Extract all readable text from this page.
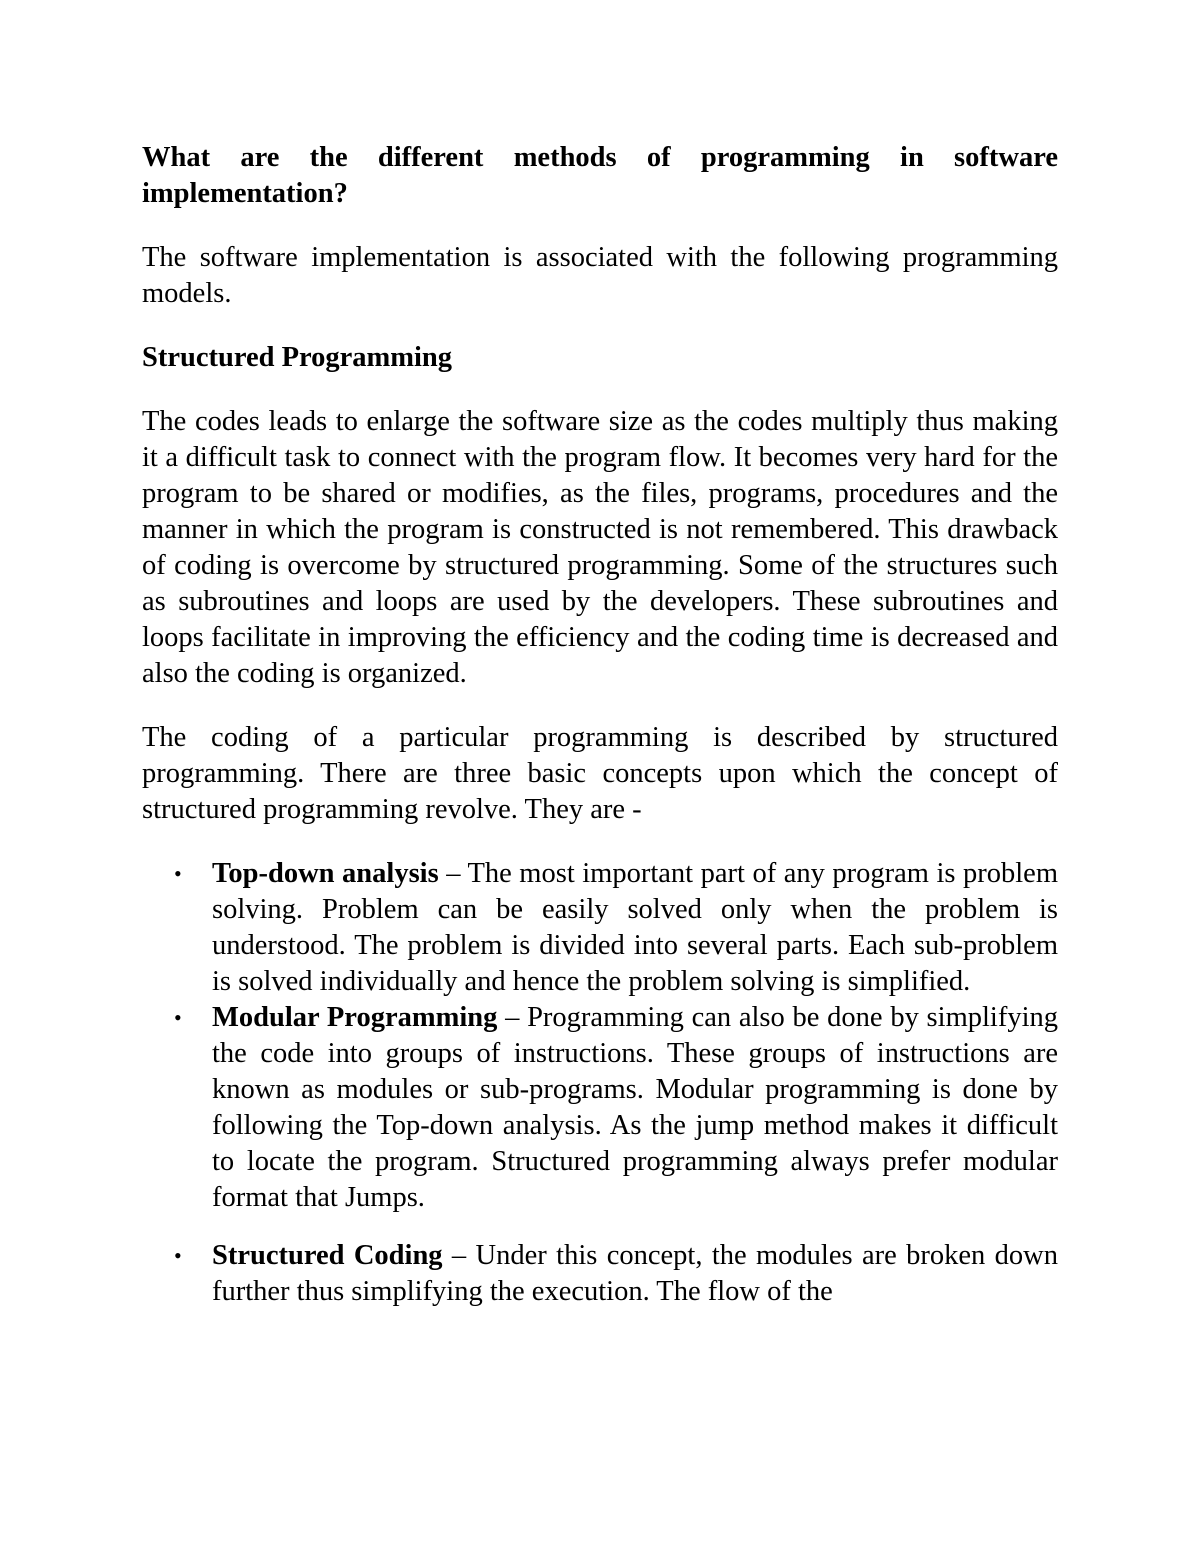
What are the different methods of programming in software implementation?

The software implementation is associated with the following programming models.

Structured Programming

The codes leads to enlarge the software size as the codes multiply thus making it a difficult task to connect with the program flow. It becomes very hard for the program to be shared or modifies, as the files, programs, procedures and the manner in which the program is constructed is not remembered. This drawback of coding is overcome by structured programming. Some of the structures such as subroutines and loops are used by the developers. These subroutines and loops facilitate in improving the efficiency and the coding time is decreased and also the coding is organized.

The coding of a particular programming is described by structured programming. There are three basic concepts upon which the concept of structured programming revolve. They are -

• Top-down analysis – The most important part of any program is problem solving. Problem can be easily solved only when the problem is understood. The problem is divided into several parts. Each sub-problem is solved individually and hence the problem solving is simplified.
• Modular Programming – Programming can also be done by simplifying the code into groups of instructions. These groups of instructions are known as modules or sub-programs. Modular programming is done by following the Top-down analysis. As the jump method makes it difficult to locate the program. Structured programming always prefer modular format that Jumps.
• Structured Coding – Under this concept, the modules are broken down further thus simplifying the execution. The flow of the
